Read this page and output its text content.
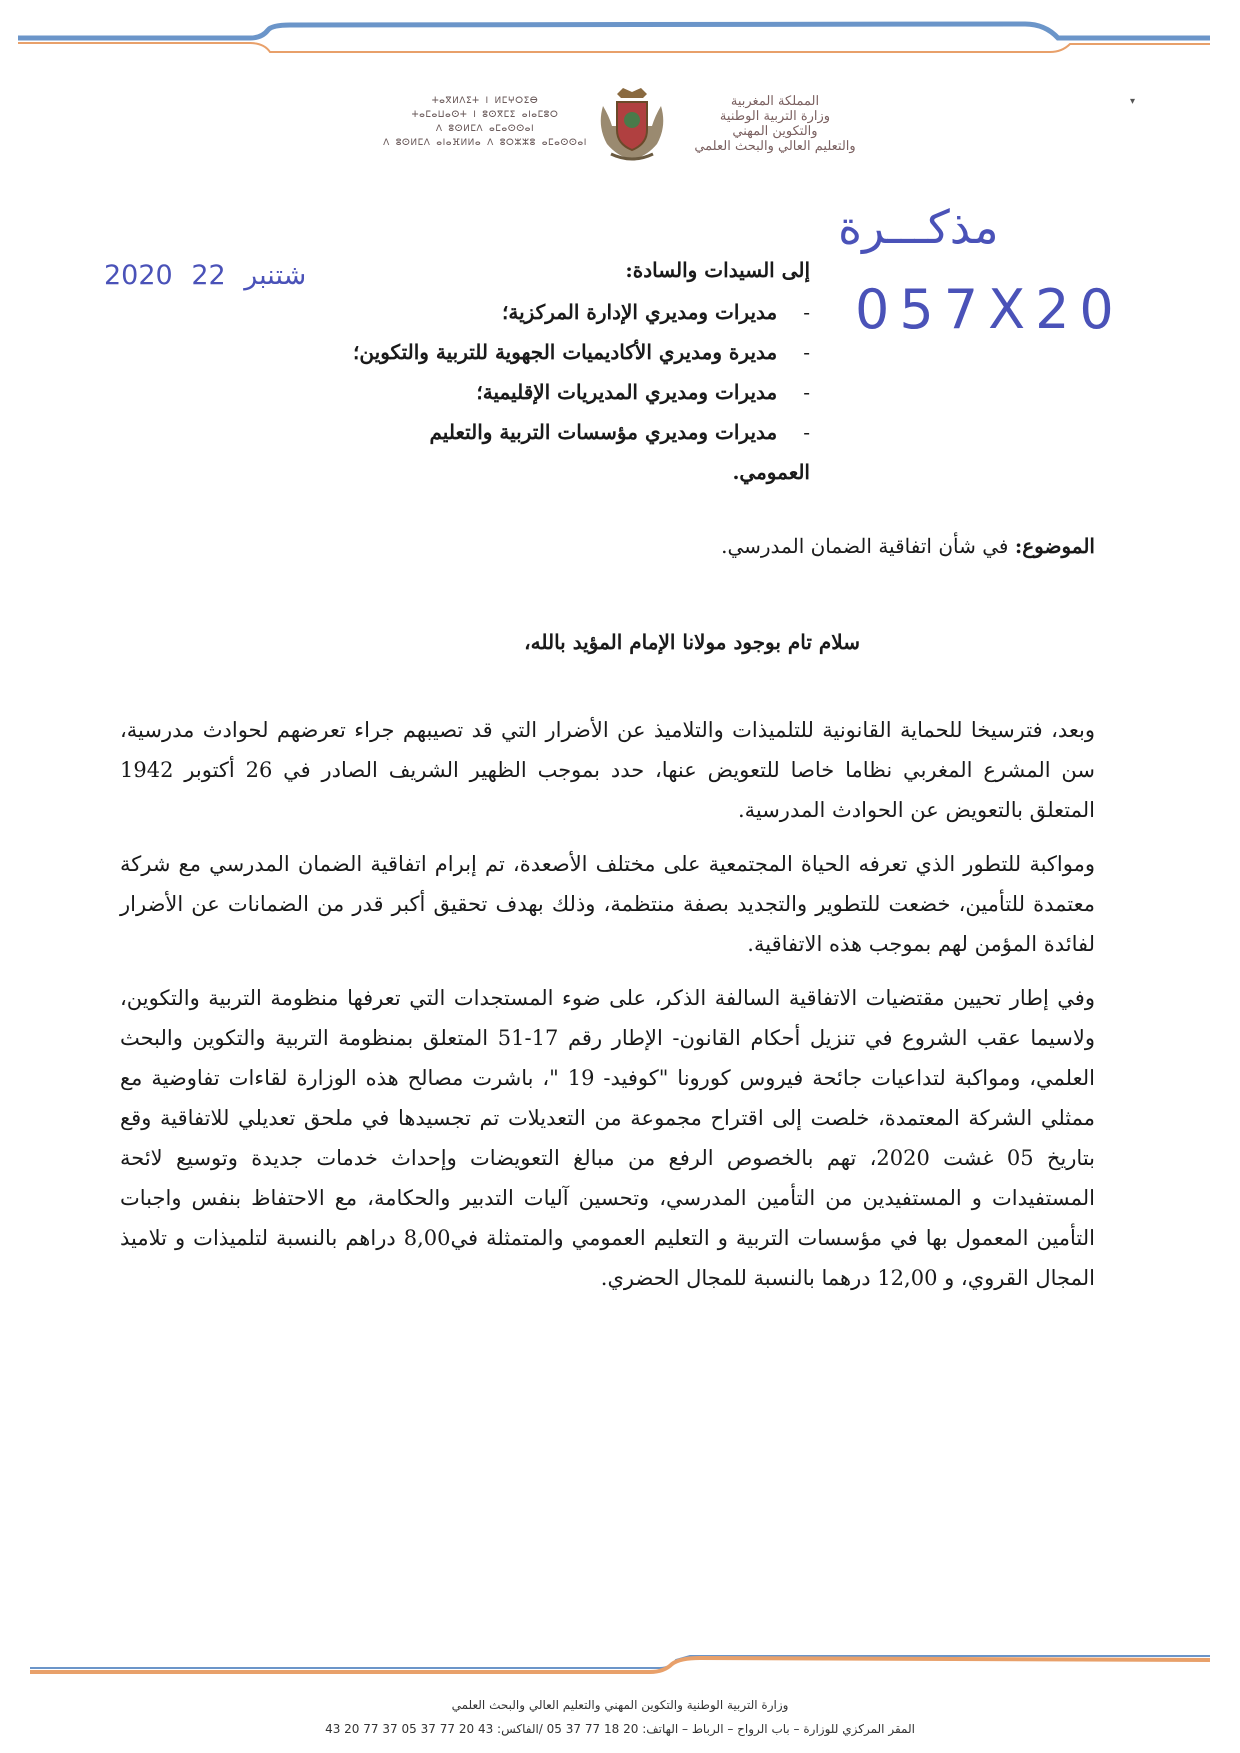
المملكة المغربية
وزارة التربية الوطنية
والتكوين المهني
والتعليم العالي والبحث العلمي
ⵜⴰⴳⵍⴷⵉⵜ ⵏ ⵍⵎⵖⵔⵉⴱ
ⵜⴰⵎⴰⵡⴰⵙⵜ ⵏ ⵓⵙⴳⵎⵉ ⴰⵏⴰⵎⵓⵔ
ⴷ ⵓⵙⵍⵎⴷ ⴰⵎⴰⵙⵙⴰⵏ
ⴷ ⵓⵙⵍⵎⴷ ⴰⵏⴰⴼⵍⵍⴰ ⴷ ⵓⵔⵣⵣⵓ ⴰⵎⴰⵙⵙⴰⵏ
▾
مذكـــرة
057X20
2020	شتنبر 22	إلى السيدات والسادة:
- مديرات ومديري الإدارة المركزية؛
- مديرة ومديري الأكاديميات الجهوية للتربية والتكوين؛
- مديرات ومديري المديريات الإقليمية؛
- مديرات ومديري مؤسسات التربية والتعليم العمومي.
الموضوع: في شأن اتفاقية الضمان المدرسي.
سلام تام بوجود مولانا الإمام المؤيد بالله،

وبعد، فترسيخا للحماية القانونية للتلميذات والتلاميذ عن الأضرار التي قد تصيبهم جراء تعرضهم لحوادث مدرسية، سن المشرع المغربي نظاما خاصا للتعويض عنها، حدد بموجب الظهير الشريف الصادر في 26 أكتوبر 1942 المتعلق بالتعويض عن الحوادث المدرسية.

ومواكبة للتطور الذي تعرفه الحياة المجتمعية على مختلف الأصعدة، تم إبرام اتفاقية الضمان المدرسي مع شركة معتمدة للتأمين، خضعت للتطوير والتجديد بصفة منتظمة، وذلك بهدف تحقيق أكبر قدر من الضمانات عن الأضرار لفائدة المؤمن لهم بموجب هذه الاتفاقية.

وفي إطار تحيين مقتضيات الاتفاقية السالفة الذكر، على ضوء المستجدات التي تعرفها منظومة التربية والتكوين، ولاسيما عقب الشروع في تنزيل أحكام القانون- الإطار رقم 17-51 المتعلق بمنظومة التربية والتكوين والبحث العلمي، ومواكبة لتداعيات جائحة فيروس كورونا "كوفيد- 19 "، باشرت مصالح هذه الوزارة لقاءات تفاوضية مع ممثلي الشركة المعتمدة، خلصت إلى اقتراح مجموعة من التعديلات تم تجسيدها في ملحق تعديلي للاتفاقية وقع بتاريخ 05 غشت 2020، تهم بالخصوص الرفع من مبالغ التعويضات وإحداث خدمات جديدة وتوسيع لائحة المستفيدات و المستفيدين من التأمين المدرسي، وتحسين آليات التدبير والحكامة، مع الاحتفاظ بنفس واجبات التأمين المعمول بها في مؤسسات التربية و التعليم العمومي والمتمثلة في8,00 دراهم بالنسبة لتلميذات و تلاميذ المجال القروي، و 12,00 درهما بالنسبة للمجال الحضري.

وزارة التربية الوطنية والتكوين المهني والتعليم العالي والبحث العلمي
المقر المركزي للوزارة – باب الرواح – الرباط – الهاتف: 20 18 77 37 05 /الفاكس: 43 20 77 37 05 37 77 20 43
